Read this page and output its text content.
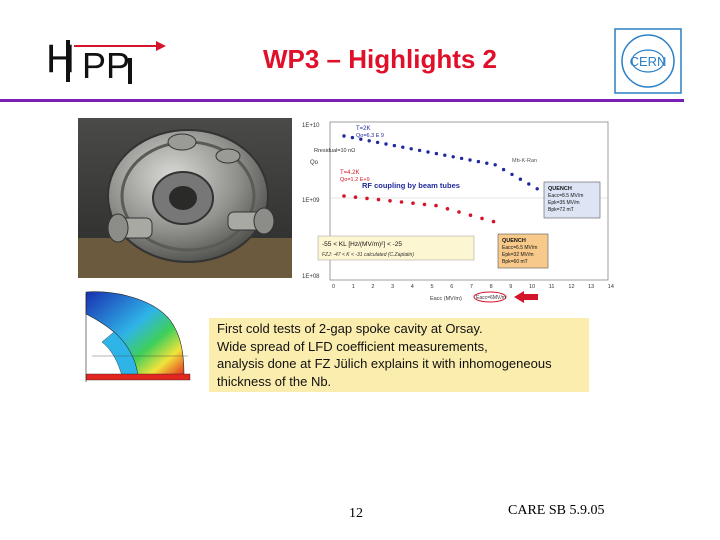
H PP	WP3 – Highlights 2	CERN
1E+10
1E+09
1E+08
Qo
0	1	2	3	4	5	6	7	8	9	10 11	12 13 14
Eacc (MV/m)	Eacc=6MV/m
T=2K
Qo=6.3 E 9
Rresidual=10 nΩ
Mb-K-Ran
T=4.2K
Qo=1.2 E+9
RF coupling by beam tubes	QUENCH
Eacc=8.5 MV/m
Epk=35 MV/m
Bpk=72 mT
QUENCH
Eacc=6.5 MV/m
Epk=32 MV/m
Bpk=60 mT
-55 < KL [Hz/(MV/m)²] < -25
FZJ: -47 < K < -31 calculated (C.Zaplatin)
First cold tests of 2-gap spoke cavity at Orsay.
Wide spread of LFD coefficient measurements,
analysis done at FZ Jülich explains it with inhomogeneous
thickness of the Nb.
12	CARE SB 5.9.05
